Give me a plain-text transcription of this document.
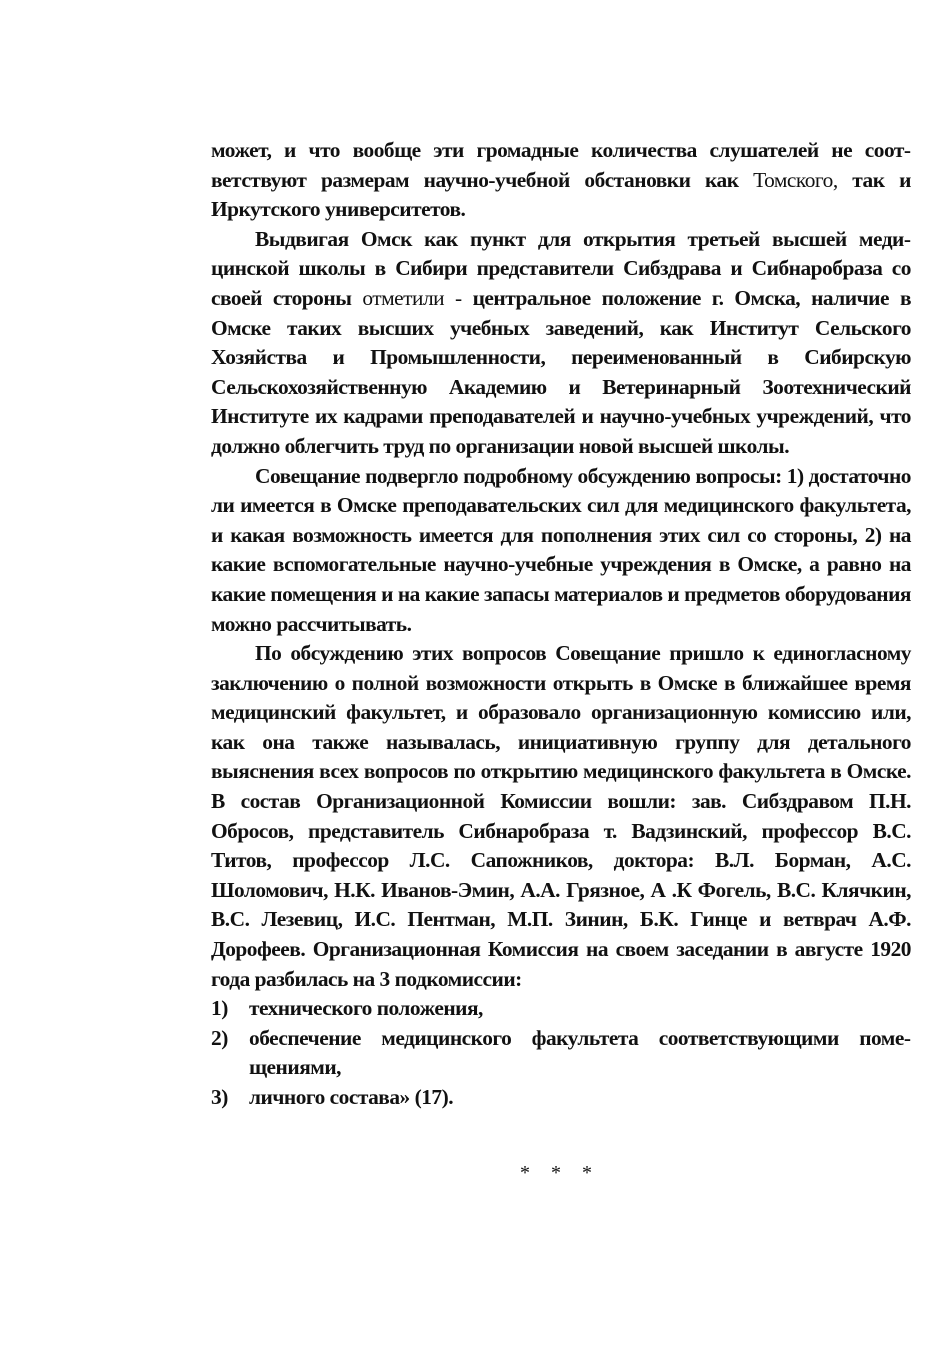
может, и что вообще эти громадные количества слушателей не соответствуют размерам научно-учебной обстановки как Томского, так и Иркутского университетов.

Выдвигая Омск как пункт для открытия третьей высшей медицинской школы в Сибири представители Сибздрава и Сибнаробраза со своей стороны отметили - центральное положение г. Омска, наличие в Омске таких высших учебных заведений, как Институт Сельского Хозяйства и Промышленности, переименованный в Сибирскую Сельскохозяйственную Академию и Ветеринарный Зоотехнический Институте их кадрами преподавателей и научно-учебных учреждений, что должно облегчить труд по организации новой высшей школы.

Совещание подвергло подробному обсуждению вопросы: 1) достаточно ли имеется в Омске преподавательских сил для медицинского факультета, и какая возможность имеется для пополнения этих сил со стороны, 2) на какие вспомогательные научно-учебные учреждения в Омске, а равно на какие помещения и на какие запасы материалов и предметов оборудования можно рассчитывать.

По обсуждению этих вопросов Совещание пришло к единогласному заключению о полной возможности открыть в Омске в ближайшее время медицинский факультет, и образовало организационную комиссию или, как она также называлась, инициативную группу для детального выяснения всех вопросов по открытию медицинского факультета в Омске. В состав Организационной Комиссии вошли: зав. Сибздравом П.Н. Обросов, представитель Сибнаробраза т. Вадзинский, профессор В.С. Титов, профессор Л.С. Сапожников, доктора: В.Л. Борман, А.С. Шоломович, Н.К. Иванов-Эмин, А.А. Грязное, А .К Фогель, В.С. Клячкин, В.С. Лезевиц, И.С. Пентман, М.П. Зинин, Б.К. Гинце и ветврач А.Ф. Дорофеев. Организационная Комиссия на своем заседании в августе 1920 года разбилась на 3 подкомиссии:

1) технического положения,
2) обеспечение медицинского факультета соответствующими помещениями,
3) личного состава» (17).
* * *
